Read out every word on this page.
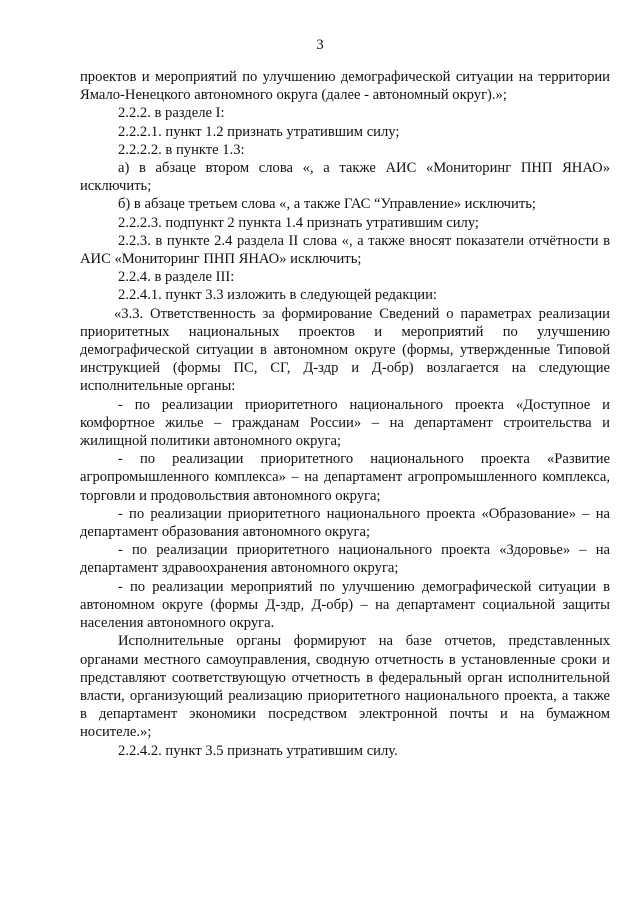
3

проектов и мероприятий по улучшению демографической ситуации на территории Ямало-Ненецкого автономного округа (далее - автономный округ).»;

2.2.2. в разделе I:

2.2.2.1. пункт 1.2 признать утратившим силу;

2.2.2.2. в пункте 1.3:

а) в абзаце втором слова «, а также АИС «Мониторинг ПНП ЯНАО» исключить;

б) в абзаце третьем слова «, а также ГАС “Управление» исключить;

2.2.2.3. подпункт 2 пункта 1.4 признать утратившим силу;

2.2.3. в пункте 2.4 раздела II слова «, а также вносят показатели отчётности в АИС «Мониторинг ПНП ЯНАО» исключить;

2.2.4. в разделе III:

2.2.4.1. пункт 3.3 изложить в следующей редакции:

«3.3. Ответственность за формирование Сведений о параметрах реализации приоритетных национальных проектов и мероприятий по улучшению демографической ситуации в автономном округе (формы, утвержденные Типовой инструкцией (формы ПС, СГ, Д-здр и Д-обр) возлагается на следующие исполнительные органы:

- по реализации приоритетного национального проекта «Доступное и комфортное жилье – гражданам России» – на департамент строительства и жилищной политики автономного округа;

- по реализации приоритетного национального проекта «Развитие агропромышленного комплекса» – на департамент агропромышленного комплекса, торговли и продовольствия автономного округа;

- по реализации приоритетного национального проекта «Образование» – на департамент образования автономного округа;

- по реализации приоритетного национального проекта «Здоровье» – на департамент здравоохранения автономного округа;

- по реализации мероприятий по улучшению демографической ситуации в автономном округе (формы Д-здр, Д-обр) – на департамент социальной защиты населения автономного округа.

Исполнительные органы формируют на базе отчетов, представленных органами местного самоуправления, сводную отчетность в установленные сроки и представляют соответствующую отчетность в федеральный орган исполнительной власти, организующий реализацию приоритетного национального проекта, а также в департамент экономики посредством электронной почты и на бумажном носителе.»;

2.2.4.2. пункт 3.5 признать утратившим силу.
